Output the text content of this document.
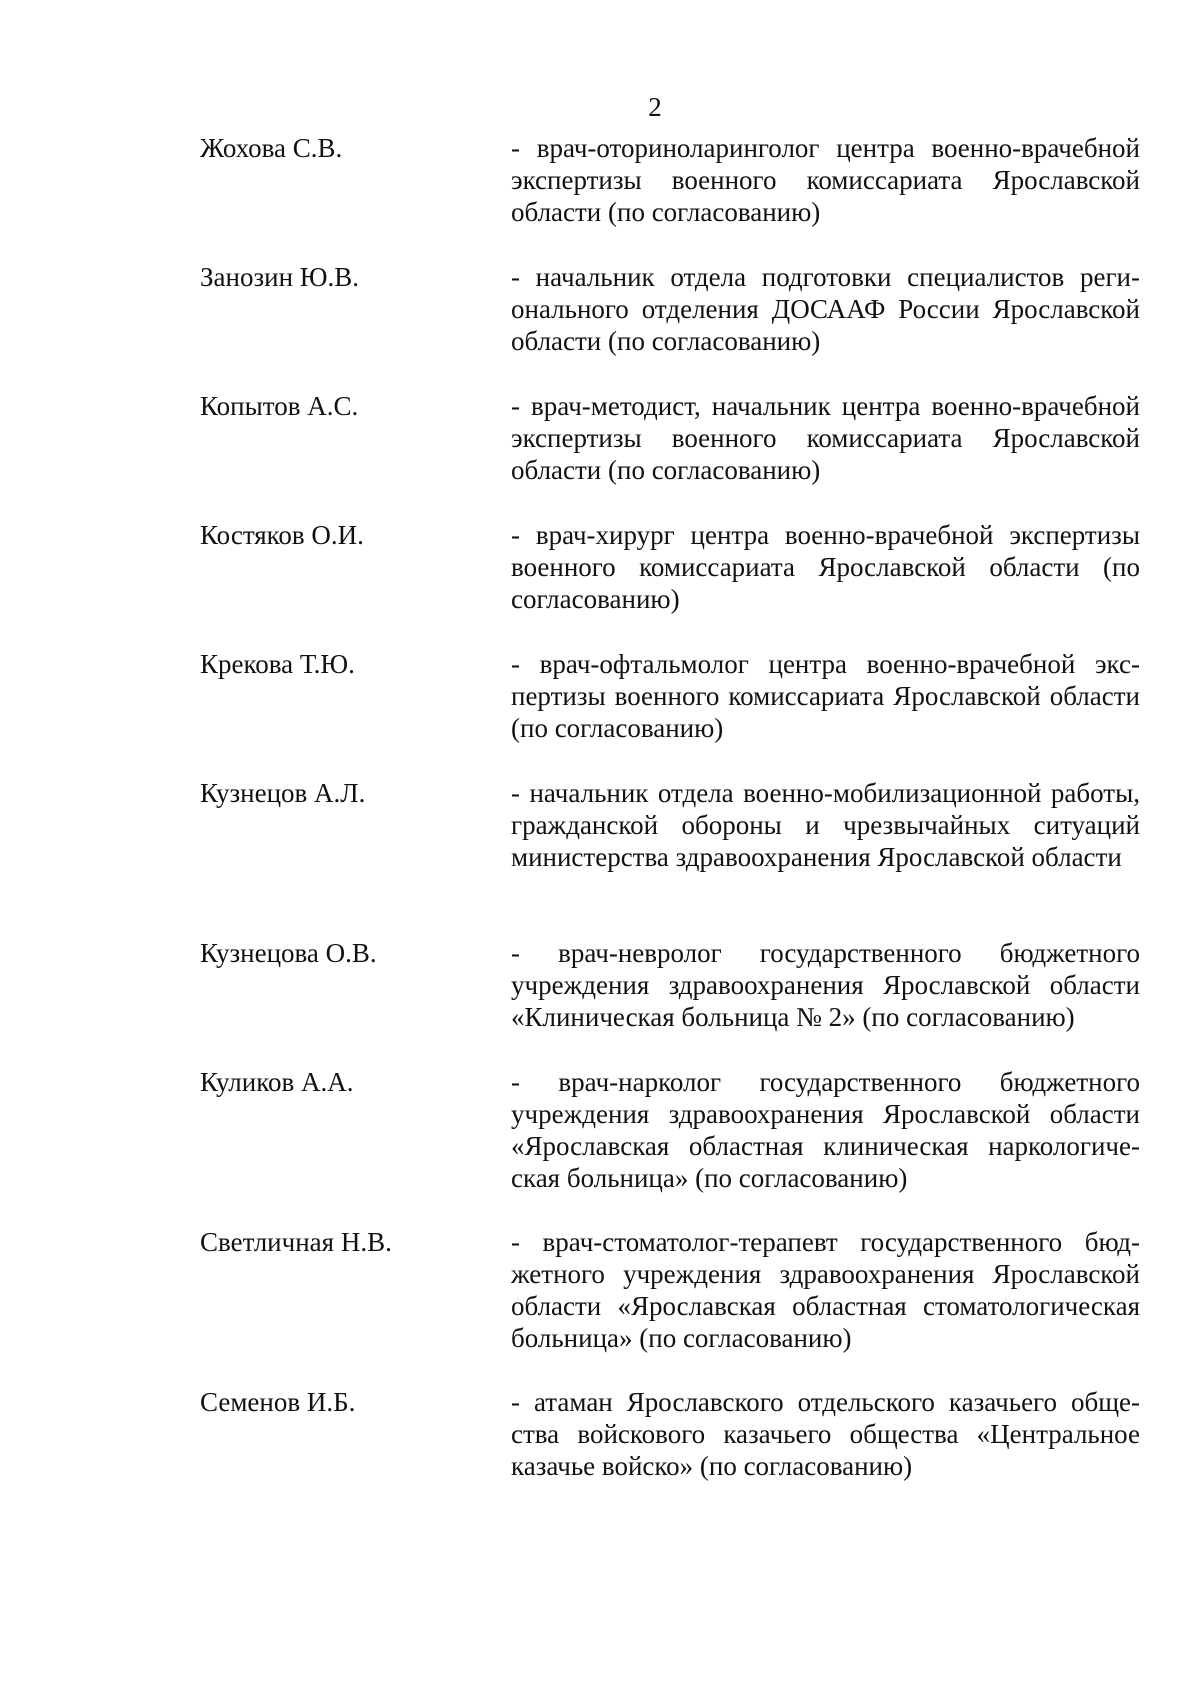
2
Жохова С.В.	- врач-оториноларинголог центра военно-врачебной экспертизы военного комиссариата Ярославской области (по согласованию)
Занозин Ю.В.	- начальник отдела подготовки специалистов регионального отделения ДОСААФ России Ярославской области (по согласованию)
Копытов А.С.	- врач-методист, начальник центра военно-врачебной экспертизы военного комиссариата Ярославской области (по согласованию)
Костяков О.И.	- врач-хирург центра военно-врачебной экспертизы военного комиссариата Ярославской области (по согласованию)
Крекова Т.Ю.	- врач-офтальмолог центра военно-врачебной экспертизы военного комиссариата Ярославской области (по согласованию)
Кузнецов А.Л.	- начальник отдела военно-мобилизационной работы, гражданской обороны и чрезвычайных ситуаций министерства здравоохранения Ярославской области
Кузнецова О.В.	- врач-невролог государственного бюджетного учреждения здравоохранения Ярославской области «Клиническая больница № 2» (по согласованию)
Куликов А.А.	- врач-нарколог государственного бюджетного учреждения здравоохранения Ярославской области «Ярославская областная клиническая наркологическая больница» (по согласованию)
Светличная Н.В.	- врач-стоматолог-терапевт государственного бюджетного учреждения здравоохранения Ярославской области «Ярославская областная стоматологическая больница» (по согласованию)
Семенов И.Б.	- атаман Ярославского отдельского казачьего общества войскового казачьего общества «Центральное казачье войско» (по согласованию)
